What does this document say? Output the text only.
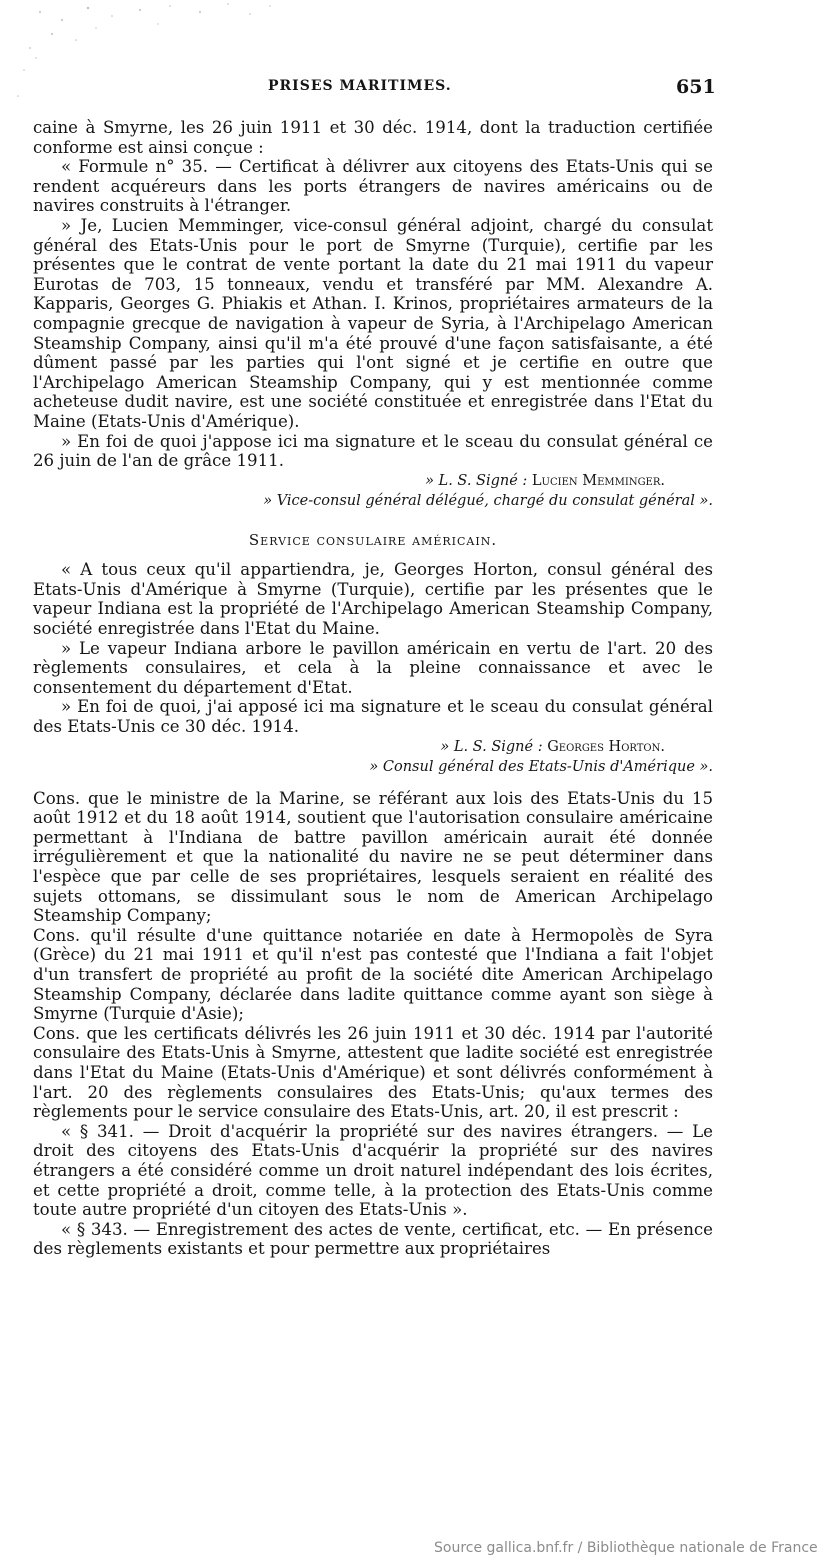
PRISES MARITIMES.	651

caine à Smyrne, les 26 juin 1911 et 30 déc. 1914, dont la traduction certifiée conforme est ainsi conçue :

« Formule n° 35. — Certificat à délivrer aux citoyens des Etats-Unis qui se rendent acquéreurs dans les ports étrangers de navires américains ou de navires construits à l'étranger.

» Je, Lucien Memminger, vice-consul général adjoint, chargé du consulat général des Etats-Unis pour le port de Smyrne (Turquie), certifie par les présentes que le contrat de vente portant la date du 21 mai 1911 du vapeur Eurotas de 703, 15 tonneaux, vendu et transféré par MM. Alexandre A. Kapparis, Georges G. Phiakis et Athan. I. Krinos, propriétaires armateurs de la compagnie grecque de navigation à vapeur de Syria, à l'Archipelago American Steamship Company, ainsi qu'il m'a été prouvé d'une façon satisfaisante, a été dûment passé par les parties qui l'ont signé et je certifie en outre que l'Archipelago American Steamship Company, qui y est mentionnée comme acheteuse dudit navire, est une société constituée et enregistrée dans l'Etat du Maine (Etats-Unis d'Amérique).

» En foi de quoi j'appose ici ma signature et le sceau du consulat général ce 26 juin de l'an de grâce 1911.

» L. S. Signé : Lucien Memminger.

» Vice-consul général délégué, chargé du consulat général ».

Service consulaire américain.

« A tous ceux qu'il appartiendra, je, Georges Horton, consul général des Etats-Unis d'Amérique à Smyrne (Turquie), certifie par les présentes que le vapeur Indiana est la propriété de l'Archipelago American Steamship Company, société enregistrée dans l'Etat du Maine.

» Le vapeur Indiana arbore le pavillon américain en vertu de l'art. 20 des règlements consulaires, et cela à la pleine connaissance et avec le consentement du département d'Etat.

» En foi de quoi, j'ai apposé ici ma signature et le sceau du consulat général des Etats-Unis ce 30 déc. 1914.

» L. S. Signé : Georges Horton.

» Consul général des Etats-Unis d'Amérique ».

Cons. que le ministre de la Marine, se référant aux lois des Etats-Unis du 15 août 1912 et du 18 août 1914, soutient que l'autorisation consulaire américaine permettant à l'Indiana de battre pavillon américain aurait été donnée irrégulièrement et que la nationalité du navire ne se peut déterminer dans l'espèce que par celle de ses propriétaires, lesquels seraient en réalité des sujets ottomans, se dissimulant sous le nom de American Archipelago Steamship Company;

Cons. qu'il résulte d'une quittance notariée en date à Hermopolès de Syra (Grèce) du 21 mai 1911 et qu'il n'est pas contesté que l'Indiana a fait l'objet d'un transfert de propriété au profit de la société dite American Archipelago Steamship Company, déclarée dans ladite quittance comme ayant son siège à Smyrne (Turquie d'Asie);

Cons. que les certificats délivrés les 26 juin 1911 et 30 déc. 1914 par l'autorité consulaire des Etats-Unis à Smyrne, attestent que ladite société est enregistrée dans l'Etat du Maine (Etats-Unis d'Amérique) et sont délivrés conformément à l'art. 20 des règlements consulaires des Etats-Unis; qu'aux termes des règlements pour le service consulaire des Etats-Unis, art. 20, il est prescrit :

« § 341. — Droit d'acquérir la propriété sur des navires étrangers. — Le droit des citoyens des Etats-Unis d'acquérir la propriété sur des navires étrangers a été considéré comme un droit naturel indépendant des lois écrites, et cette propriété a droit, comme telle, à la protection des Etats-Unis comme toute autre propriété d'un citoyen des Etats-Unis ».

« § 343. — Enregistrement des actes de vente, certificat, etc. — En présence des règlements existants et pour permettre aux propriétaires

Source gallica.bnf.fr / Bibliothèque nationale de France
